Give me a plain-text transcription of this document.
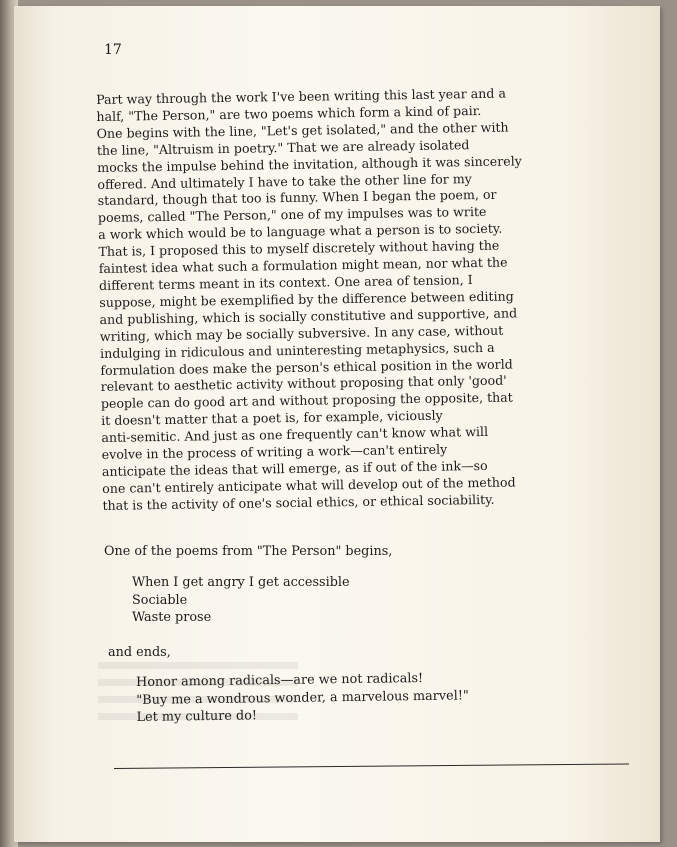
17
Part way through the work I've been writing this last year and a
half, "The Person," are two poems which form a kind of pair.
One begins with the line, "Let's get isolated," and the other with
the line, "Altruism in poetry." That we are already isolated
mocks the impulse behind the invitation, although it was sincerely
offered. And ultimately I have to take the other line for my
standard, though that too is funny. When I began the poem, or
poems, called "The Person," one of my impulses was to write
a work which would be to language what a person is to society.
That is, I proposed this to myself discretely without having the
faintest idea what such a formulation might mean, nor what the
different terms meant in its context. One area of tension, I
suppose, might be exemplified by the difference between editing
and publishing, which is socially constitutive and supportive, and
writing, which may be socially subversive. In any case, without
indulging in ridiculous and uninteresting metaphysics, such a
formulation does make the person's ethical position in the world
relevant to aesthetic activity without proposing that only 'good'
people can do good art and without proposing the opposite, that
it doesn't matter that a poet is, for example, viciously
anti-semitic. And just as one frequently can't know what will
evolve in the process of writing a work—can't entirely
anticipate the ideas that will emerge, as if out of the ink—so
one can't entirely anticipate what will develop out of the method
that is the activity of one's social ethics, or ethical sociability.
One of the poems from "The Person" begins,
When I get angry I get accessible
Sociable
Waste prose
and ends,
Honor among radicals—are we not radicals!
"Buy me a wondrous wonder, a marvelous marvel!"
Let my culture do!
